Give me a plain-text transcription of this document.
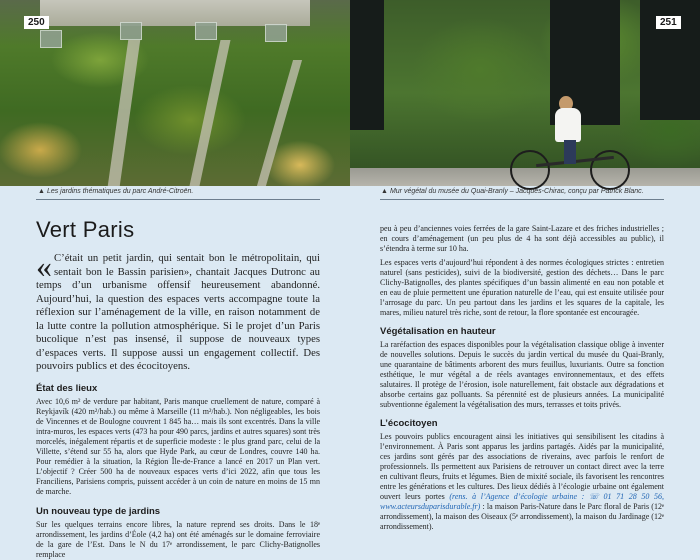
250	251
▲ Les jardins thématiques du parc André-Citroën.	▲ Mur végétal du musée du Quai-Branly – Jacques-Chirac, conçu par Patrick Blanc.
Vert Paris

« C’était un petit jardin, qui sentait bon le métropolitain, qui sentait bon le Bassin parisien», chantait Jacques Dutronc au temps d’un urbanisme offensif heureusement abandonné. Aujourd’hui, la question des espaces verts accompagne toute la réflexion sur l’aménagement de la ville, en raison notamment de la lutte contre la pollution atmosphérique. Si le projet d’un Paris bucolique n’est pas insensé, il suppose de nouveaux types d’espaces verts. Il suppose aussi un engagement collectif. Des pouvoirs publics et des écocitoyens.

État des lieux

Avec 10,6 m² de verdure par habitant, Paris manque cruellement de nature, comparé à Reykjavík (420 m²/hab.) ou même à Marseille (11 m²/hab.). Non négligeables, les bois de Vincennes et de Boulogne couvrent 1 845 ha… mais ils sont excentrés. Dans la ville intra-muros, les espaces verts (473 ha pour 490 parcs, jardins et autres squares) sont très morcelés, inégalement répartis et de superficie modeste : le plus grand parc, celui de la Villette, s’étend sur 55 ha, alors que Hyde Park, au cœur de Londres, couvre 140 ha. Pour remédier à la situation, la Région Île-de-France a lancé en 2017 un Plan vert. L’objectif ? Créer 500 ha de nouveaux espaces verts d’ici 2022, afin que tous les Franciliens, Parisiens compris, puissent accéder à un coin de nature en moins de 15 mn de marche.

Un nouveau type de jardins

Sur les quelques terrains encore libres, la nature reprend ses droits. Dans le 18ᵉ arrondissement, les jardins d’Éole (4,2 ha) ont été aménagés sur le domaine ferroviaire de la gare de l’Est. Dans le N du 17ᵉ arrondissement, le parc Clichy-Batignolles remplace

peu à peu d’anciennes voies ferrées de la gare Saint-Lazare et des friches industrielles ; en cours d’aménagement (un peu plus de 4 ha sont déjà accessibles au public), il s’étendra à terme sur 10 ha.

Les espaces verts d’aujourd’hui répondent à des normes écologiques strictes : entretien naturel (sans pesticides), suivi de la biodiversité, gestion des déchets… Dans le parc Clichy-Batignolles, des plantes spécifiques d’un bassin alimenté en eau non potable et en eau de pluie permettent une épuration naturelle de l’eau, qui est ensuite utilisée pour l’arrosage du parc. Un peu partout dans les jardins et les squares de la capitale, les mares, milieu naturel très riche, sont de retour, la flore spontanée est encouragée.

Végétalisation en hauteur

La raréfaction des espaces disponibles pour la végétalisation classique oblige à inventer de nouvelles solutions. Depuis le succès du jardin vertical du musée du Quai-Branly, une quarantaine de bâtiments arborent des murs feuillus, luxuriants. Outre sa fonction esthétique, le mur végétal a de réels avantages environnementaux, et des effets salutaires. Il protège de l’érosion, isole naturellement, fait obstacle aux dégradations et absorbe certains gaz polluants. Sa pérennité est de plusieurs années. La municipalité subventionne également la végétalisation des murs, terrasses et toits privés.

L’écocitoyen

Les pouvoirs publics encouragent ainsi les initiatives qui sensibilisent les citadins à l’environnement. À Paris sont apparus les jardins partagés. Aidés par la municipalité, ces jardins sont gérés par des associations de riverains, avec parfois le renfort de professionnels. Ils permettent aux Parisiens de retrouver un contact direct avec la terre en cultivant fleurs, fruits et légumes. Bien de mixité sociale, ils favorisent les rencontres entre les générations et les cultures. Des lieux dédiés à l’écologie urbaine ont également ouvert leurs portes (rens. à l’Agence d’écologie urbaine : ☏ 01 71 28 50 56, www.acteursduparisdurable.fr) : la maison Paris-Nature dans le Parc floral de Paris (12ᵉ arrondissement), la maison des Oiseaux (5ᵉ arrondissement), la maison du Jardinage (12ᵉ arrondissement).
